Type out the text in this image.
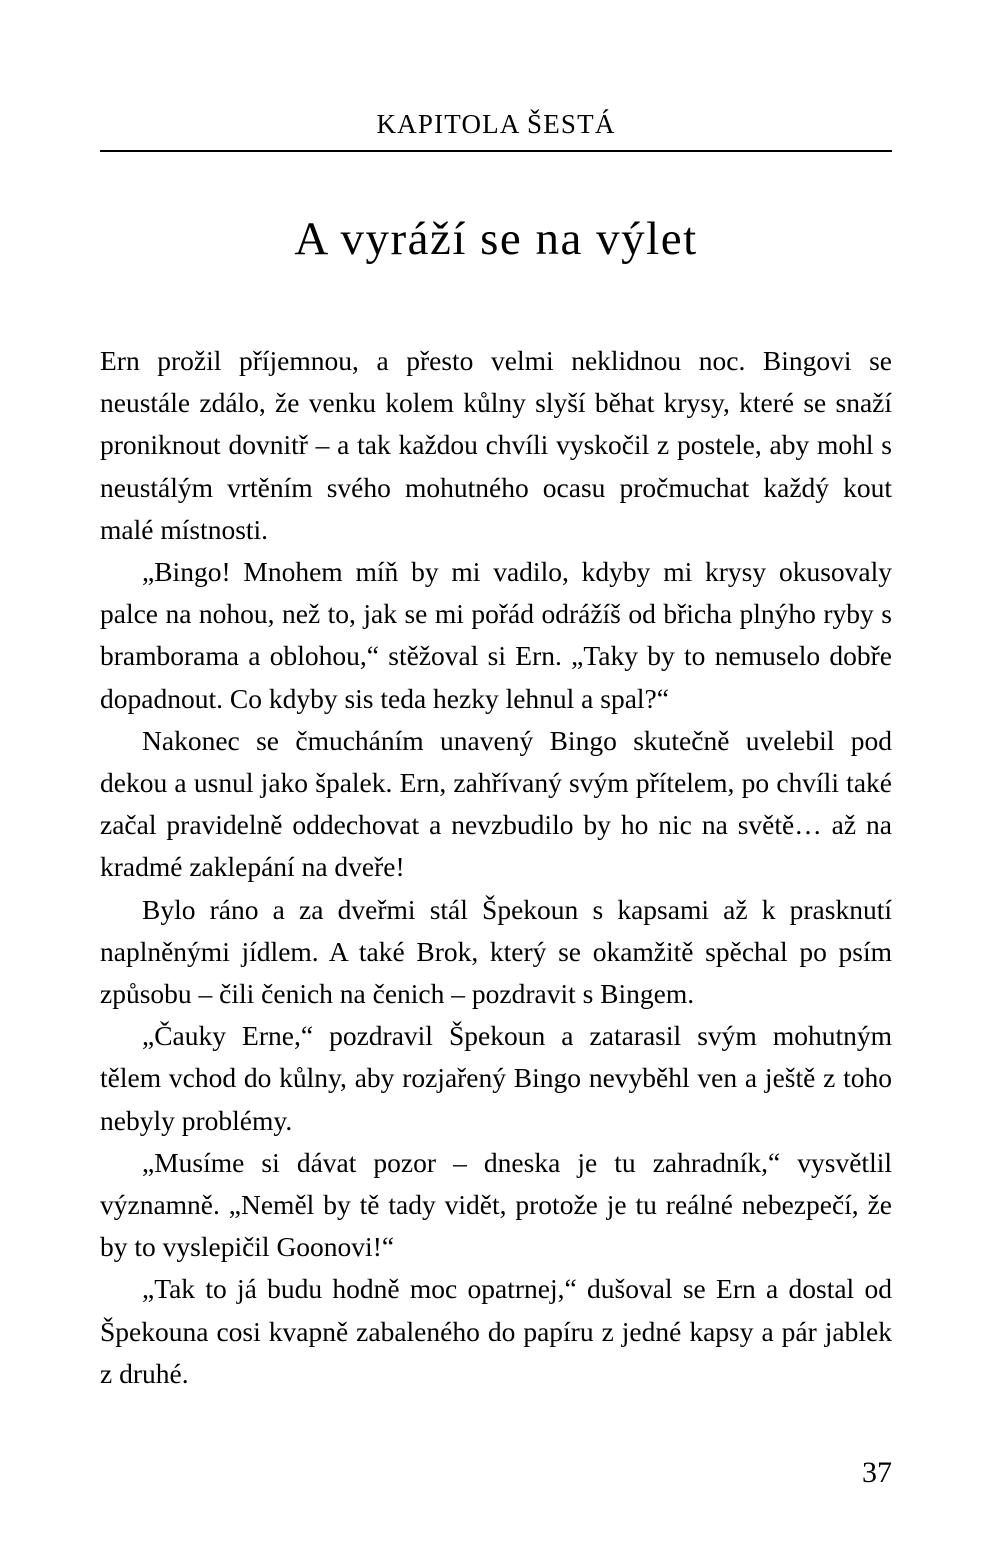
KAPITOLA ŠESTÁ
A vyráží se na výlet

Ern prožil příjemnou, a přesto velmi neklidnou noc. Bingovi se neustále zdálo, že venku kolem kůlny slyší běhat krysy, které se snaží proniknout dovnitř – a tak každou chvíli vyskočil z postele, aby mohl s neustálým vrtěním svého mohutného ocasu pročmuchat každý kout malé místnosti.

„Bingo! Mnohem míň by mi vadilo, kdyby mi krysy okusovaly palce na nohou, než to, jak se mi pořád odrážíš od břicha plnýho ryby s bramborama a oblohou,“ stěžoval si Ern. „Taky by to nemuselo dobře dopadnout. Co kdyby sis teda hezky lehnul a spal?“

Nakonec se čmucháním unavený Bingo skutečně uvelebil pod dekou a usnul jako špalek. Ern, zahřívaný svým přítelem, po chvíli také začal pravidelně oddechovat a nevzbudilo by ho nic na světě… až na kradmé zaklepání na dveře!

Bylo ráno a za dveřmi stál Špekoun s kapsami až k prasknutí naplněnými jídlem. A také Brok, který se okamžitě spěchal po psím způsobu – čili čenich na čenich – pozdravit s Bingem.

„Čauky Erne,“ pozdravil Špekoun a zatarasil svým mohutným tělem vchod do kůlny, aby rozjařený Bingo nevyběhl ven a ještě z toho nebyly problémy.

„Musíme si dávat pozor – dneska je tu zahradník,“ vysvětlil významně. „Neměl by tě tady vidět, protože je tu reálné nebezpečí, že by to vyslepičil Goonovi!“

„Tak to já budu hodně moc opatrnej,“ dušoval se Ern a dostal od Špekouna cosi kvapně zabaleného do papíru z jedné kapsy a pár jablek z druhé.

37
